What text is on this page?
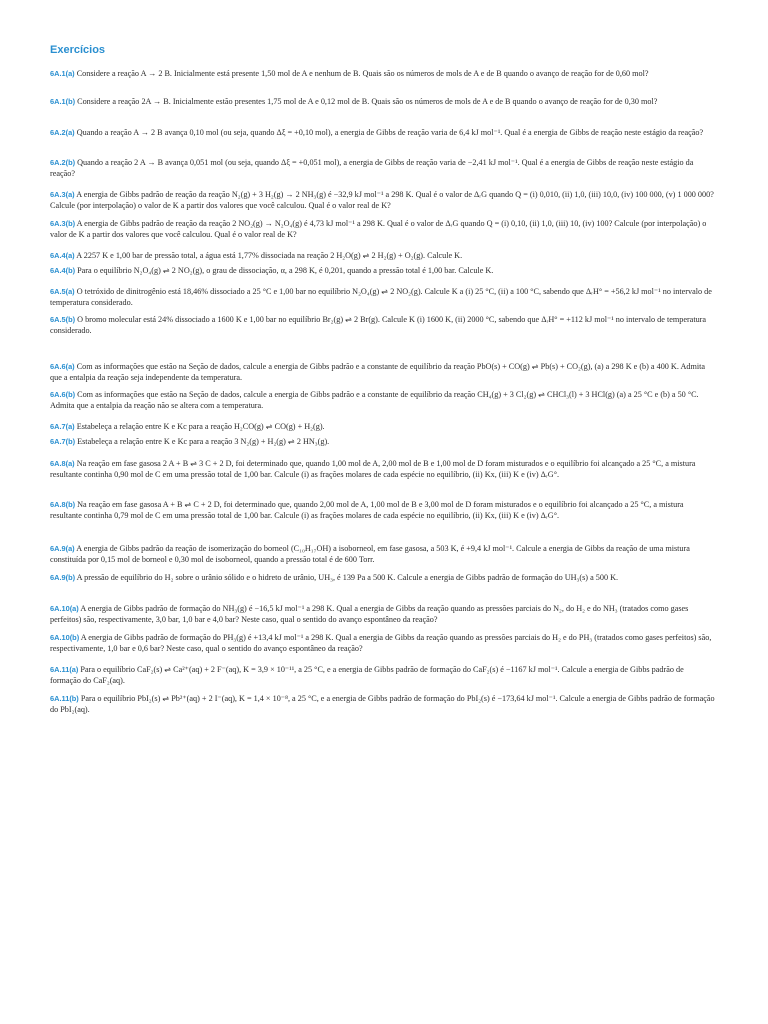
Exercícios

6A.1(a) Considere a reação A → 2 B. Inicialmente está presente 1,50 mol de A e nenhum de B. Quais são os números de mols de A e de B quando o avanço de reação for de 0,60 mol?

6A.1(b) Considere a reação 2A → B. Inicialmente estão presentes 1,75 mol de A e 0,12 mol de B. Quais são os números de mols de A e de B quando o avanço de reação for de 0,30 mol?

6A.2(a) Quando a reação A → 2 B avança 0,10 mol (ou seja, quando Δξ = +0,10 mol), a energia de Gibbs de reação varia de 6,4 kJ mol⁻¹. Qual é a energia de Gibbs de reação neste estágio da reação?

6A.2(b) Quando a reação 2 A → B avança 0,051 mol (ou seja, quando Δξ = +0,051 mol), a energia de Gibbs de reação varia de −2,41 kJ mol⁻¹. Qual é a energia de Gibbs de reação neste estágio da reação?

6A.3(a) A energia de Gibbs padrão de reação da reação N₂(g) + 3 H₂(g) → 2 NH₃(g) é −32,9 kJ mol⁻¹ a 298 K. Qual é o valor de ΔᵣG quando Q = (i) 0,010, (ii) 1,0, (iii) 10,0, (iv) 100 000, (v) 1 000 000? Calcule (por interpolação) o valor de K a partir dos valores que você calculou. Qual é o valor real de K?

6A.3(b) A energia de Gibbs padrão de reação da reação 2 NO₂(g) → N₂O₄(g) é 4,73 kJ mol⁻¹ a 298 K. Qual é o valor de ΔᵣG quando Q = (i) 0,10, (ii) 1,0, (iii) 10, (iv) 100? Calcule (por interpolação) o valor de K a partir dos valores que você calculou. Qual é o valor real de K?

6A.4(a) A 2257 K e 1,00 bar de pressão total, a água está 1,77% dissociada na reação 2 H₂O(g) ⇌ 2 H₂(g) + O₂(g). Calcule K.

6A.4(b) Para o equilíbrio N₂O₄(g) ⇌ 2 NO₂(g), o grau de dissociação, α, a 298 K, é 0,201, quando a pressão total é 1,00 bar. Calcule K.

6A.5(a) O tetróxido de dinitrogênio está 18,46% dissociado a 25 °C e 1,00 bar no equilíbrio N₂O₄(g) ⇌ 2 NO₂(g). Calcule K a (i) 25 °C, (ii) a 100 °C, sabendo que ΔᵣH° = +56,2 kJ mol⁻¹ no intervalo de temperatura considerado.

6A.5(b) O bromo molecular está 24% dissociado a 1600 K e 1,00 bar no equilíbrio Br₂(g) ⇌ 2 Br(g). Calcule K (i) 1600 K, (ii) 2000 °C, sabendo que ΔᵣH° = +112 kJ mol⁻¹ no intervalo de temperatura considerado.

6A.6(a) Com as informações que estão na Seção de dados, calcule a energia de Gibbs padrão e a constante de equilíbrio da reação PbO(s) + CO(g) ⇌ Pb(s) + CO₂(g), (a) a 298 K e (b) a 400 K. Admita que a entalpia da reação seja independente da temperatura.

6A.6(b) Com as informações que estão na Seção de dados, calcule a energia de Gibbs padrão e a constante de equilíbrio da reação CH₄(g) + 3 Cl₂(g) ⇌ CHCl₃(l) + 3 HCl(g) (a) a 25 °C e (b) a 50 °C. Admita que a entalpia da reação não se altera com a temperatura.

6A.7(a) Estabeleça a relação entre K e Kc para a reação H₂CO(g) ⇌ CO(g) + H₂(g).

6A.7(b) Estabeleça a relação entre K e Kc para a reação 3 N₂(g) + H₂(g) ⇌ 2 HN₃(g).

6A.8(a) Na reação em fase gasosa 2 A + B ⇌ 3 C + 2 D, foi determinado que, quando 1,00 mol de A, 2,00 mol de B e 1,00 mol de D foram misturados e o equilíbrio foi alcançado a 25 °C, a mistura resultante continha 0,90 mol de C em uma pressão total de 1,00 bar. Calcule (i) as frações molares de cada espécie no equilíbrio, (ii) Kx, (iii) K e (iv) ΔᵣG°.

6A.8(b) Na reação em fase gasosa A + B ⇌ C + 2 D, foi determinado que, quando 2,00 mol de A, 1,00 mol de B e 3,00 mol de D foram misturados e o equilíbrio foi alcançado a 25 °C, a mistura resultante continha 0,79 mol de C em uma pressão total de 1,00 bar. Calcule (i) as frações molares de cada espécie no equilíbrio, (ii) Kx, (iii) K e (iv) ΔᵣG°.

6A.9(a) A energia de Gibbs padrão da reação de isomerização do borneol (C₁₀H₁₇OH) a isoborneol, em fase gasosa, a 503 K, é +9,4 kJ mol⁻¹. Calcule a energia de Gibbs da reação de uma mistura constituída por 0,15 mol de borneol e 0,30 mol de isoborneol, quando a pressão total é de 600 Torr.

6A.9(b) A pressão de equilíbrio do H₂ sobre o urânio sólido e o hidreto de urânio, UH₃, é 139 Pa a 500 K. Calcule a energia de Gibbs padrão de formação do UH₃(s) a 500 K.

6A.10(a) A energia de Gibbs padrão de formação do NH₃(g) é −16,5 kJ mol⁻¹ a 298 K. Qual a energia de Gibbs da reação quando as pressões parciais do N₂, do H₂ e do NH₃ (tratados como gases perfeitos) são, respectivamente, 3,0 bar, 1,0 bar e 4,0 bar? Neste caso, qual o sentido do avanço espontâneo da reação?

6A.10(b) A energia de Gibbs padrão de formação do PH₃(g) é +13,4 kJ mol⁻¹ a 298 K. Qual a energia de Gibbs da reação quando as pressões parciais do H₂ e do PH₃ (tratados como gases perfeitos) são, respectivamente, 1,0 bar e 0,6 bar? Neste caso, qual o sentido do avanço espontâneo da reação?

6A.11(a) Para o equilíbrio CaF₂(s) ⇌ Ca²⁺(aq) + 2 F⁻(aq), K = 3,9 × 10⁻¹¹, a 25 °C, e a energia de Gibbs padrão de formação do CaF₂(s) é −1167 kJ mol⁻¹. Calcule a energia de Gibbs padrão de formação do CaF₂(aq).

6A.11(b) Para o equilíbrio PbI₂(s) ⇌ Pb²⁺(aq) + 2 I⁻(aq), K = 1,4 × 10⁻⁸, a 25 °C, e a energia de Gibbs padrão de formação do PbI₂(s) é −173,64 kJ mol⁻¹. Calcule a energia de Gibbs padrão de formação do PbI₂(aq).
